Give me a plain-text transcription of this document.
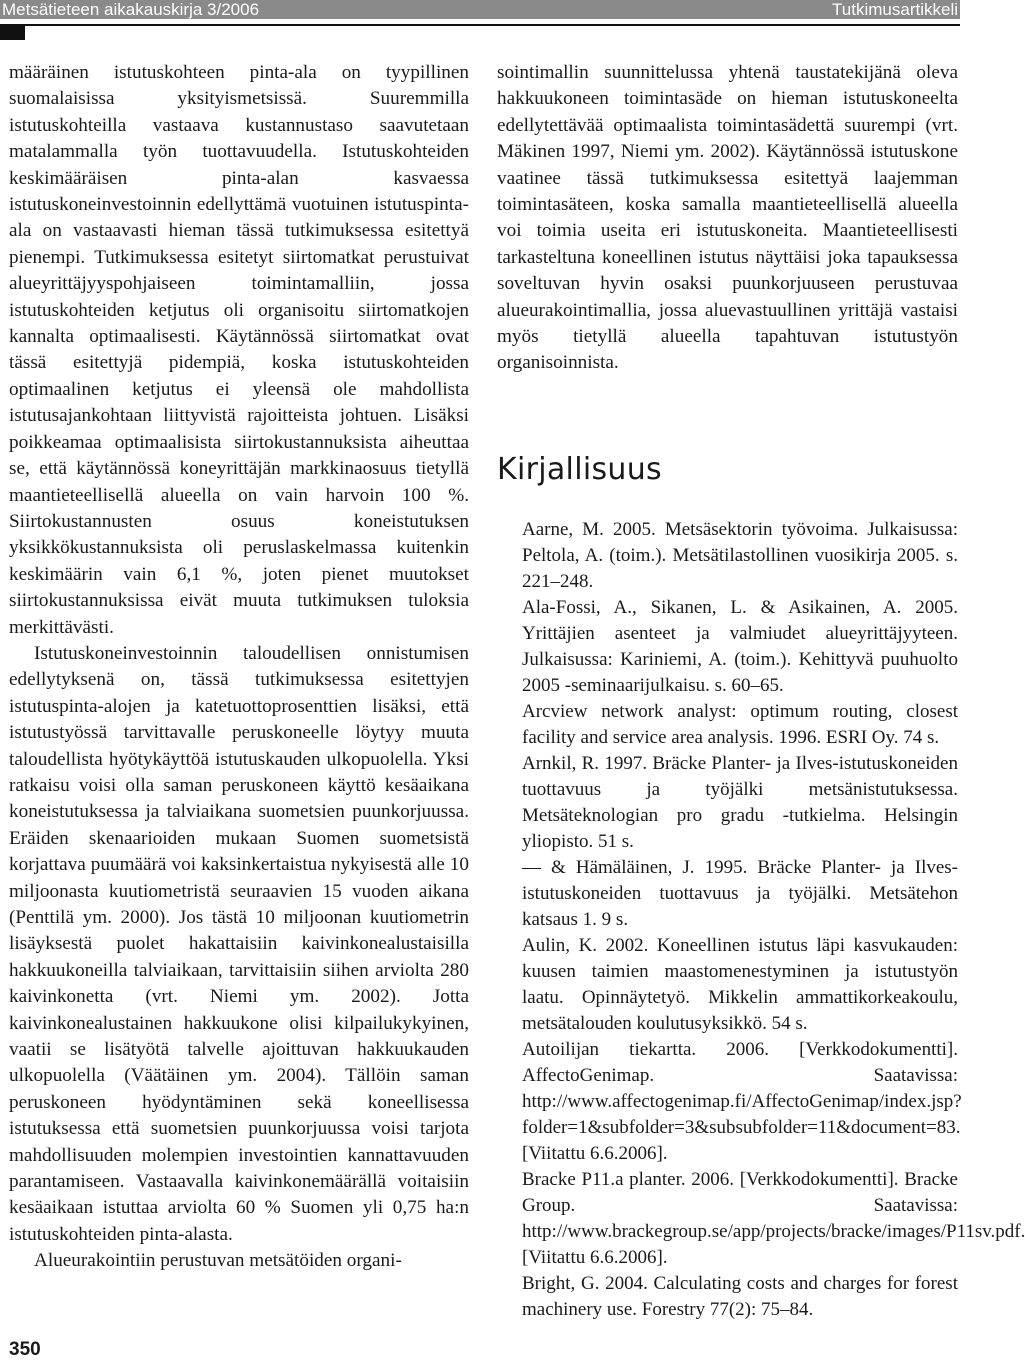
Metsätieteen aikakauskirja 3/2006	Tutkimusartikkeli

määräinen istutuskohteen pinta-ala on tyypillinen suomalaisissa yksityismetsissä. Suuremmilla istutuskohteilla vastaava kustannustaso saavutetaan matalammalla työn tuottavuudella. Istutuskohteiden keskimääräisen pinta-alan kasvaessa istutuskoneinvestoinnin edellyttämä vuotuinen istutuspinta-ala on vastaavasti hieman tässä tutkimuksessa esitettyä pienempi. Tutkimuksessa esitetyt siirtomatkat perustuivat alueyrittäjyyspohjaiseen toimintamalliin, jossa istutuskohteiden ketjutus oli organisoitu siirtomatkojen kannalta optimaalisesti. Käytännössä siirtomatkat ovat tässä esitettyjä pidempiä, koska istutuskohteiden optimaalinen ketjutus ei yleensä ole mahdollista istutusajankohtaan liittyvistä rajoitteista johtuen. Lisäksi poikkeamaa optimaalisista siirtokustannuksista aiheuttaa se, että käytännössä koneyrittäjän markkinaosuus tietyllä maantieteellisellä alueella on vain harvoin 100 %. Siirtokustannusten osuus koneistutuksen yksikkökustannuksista oli peruslaskelmassa kuitenkin keskimäärin vain 6,1 %, joten pienet muutokset siirtokustannuksissa eivät muuta tutkimuksen tuloksia merkittävästi.

Istutuskoneinvestoinnin taloudellisen onnistumisen edellytyksenä on, tässä tutkimuksessa esitettyjen istutuspinta-alojen ja katetuottoprosenttien lisäksi, että istutustyössä tarvittavalle peruskoneelle löytyy muuta taloudellista hyötykäyttöä istutuskauden ulkopuolella. Yksi ratkaisu voisi olla saman peruskoneen käyttö kesäaikana koneistutuksessa ja talviaikana suometsien puunkorjuussa. Eräiden skenaarioiden mukaan Suomen suometsistä korjattava puumäärä voi kaksinkertaistua nykyisestä alle 10 miljoonasta kuutiometristä seuraavien 15 vuoden aikana (Penttilä ym. 2000). Jos tästä 10 miljoonan kuutiometrin lisäyksestä puolet hakattaisiin kaivinkonealustaisilla hakkuukoneilla talviaikaan, tarvittaisiin siihen arviolta 280 kaivinkonetta (vrt. Niemi ym. 2002). Jotta kaivinkonealustainen hakkuukone olisi kilpailukykyinen, vaatii se lisätyötä talvelle ajoittuvan hakkuukauden ulkopuolella (Väätäinen ym. 2004). Tällöin saman peruskoneen hyödyntäminen sekä koneellisessa istutuksessa että suometsien puunkorjuussa voisi tarjota mahdollisuuden molempien investointien kannattavuuden parantamiseen. Vastaavalla kaivinkonemäärällä voitaisiin kesäaikaan istuttaa arviolta 60 % Suomen yli 0,75 ha:n istutuskohteiden pinta-alasta.

Alueurakointiin perustuvan metsätöiden organi-

sointimallin suunnittelussa yhtenä taustatekijänä oleva hakkuukoneen toimintasäde on hieman istutuskoneelta edellytettävää optimaalista toimintasädettä suurempi (vrt. Mäkinen 1997, Niemi ym. 2002). Käytännössä istutuskone vaatinee tässä tutkimuksessa esitettyä laajemman toimintasäteen, koska samalla maantieteellisellä alueella voi toimia useita eri istutuskoneita. Maantieteellisesti tarkasteltuna koneellinen istutus näyttäisi joka tapauksessa soveltuvan hyvin osaksi puunkorjuuseen perustuvaa alueurakointimallia, jossa aluevastuullinen yrittäjä vastaisi myös tietyllä alueella tapahtuvan istutustyön organisoinnista.

Kirjallisuus

Aarne, M. 2005. Metsäsektorin työvoima. Julkaisussa: Peltola, A. (toim.). Metsätilastollinen vuosikirja 2005. s. 221–248.

Ala-Fossi, A., Sikanen, L. & Asikainen, A. 2005. Yrittäjien asenteet ja valmiudet alueyrittäjyyteen. Julkaisussa: Kariniemi, A. (toim.). Kehittyvä puuhuolto 2005 -seminaarijulkaisu. s. 60–65.

Arcview network analyst: optimum routing, closest facility and service area analysis. 1996. ESRI Oy. 74 s.

Arnkil, R. 1997. Bräcke Planter- ja Ilves-istutuskoneiden tuottavuus ja työjälki metsänistutuksessa. Metsäteknologian pro gradu -tutkielma. Helsingin yliopisto. 51 s.

— & Hämäläinen, J. 1995. Bräcke Planter- ja Ilves-istutuskoneiden tuottavuus ja työjälki. Metsätehon katsaus 1. 9 s.

Aulin, K. 2002. Koneellinen istutus läpi kasvukauden: kuusen taimien maastomenestyminen ja istutustyön laatu. Opinnäytetyö. Mikkelin ammattikorkeakoulu, metsätalouden koulutusyksikkö. 54 s.

Autoilijan tiekartta. 2006. [Verkkodokumentti]. AffectoGenimap. Saatavissa: http://www.affectogenimap.fi/AffectoGenimap/index.jsp?folder=1&subfolder=3&subsubfolder=11&document=83. [Viitattu 6.6.2006].

Bracke P11.a planter. 2006. [Verkkodokumentti]. Bracke Group. Saatavissa: http://www.brackegroup.se/app/projects/bracke/images/P11sv.pdf. [Viitattu 6.6.2006].

Bright, G. 2004. Calculating costs and charges for forest machinery use. Forestry 77(2): 75–84.

350
